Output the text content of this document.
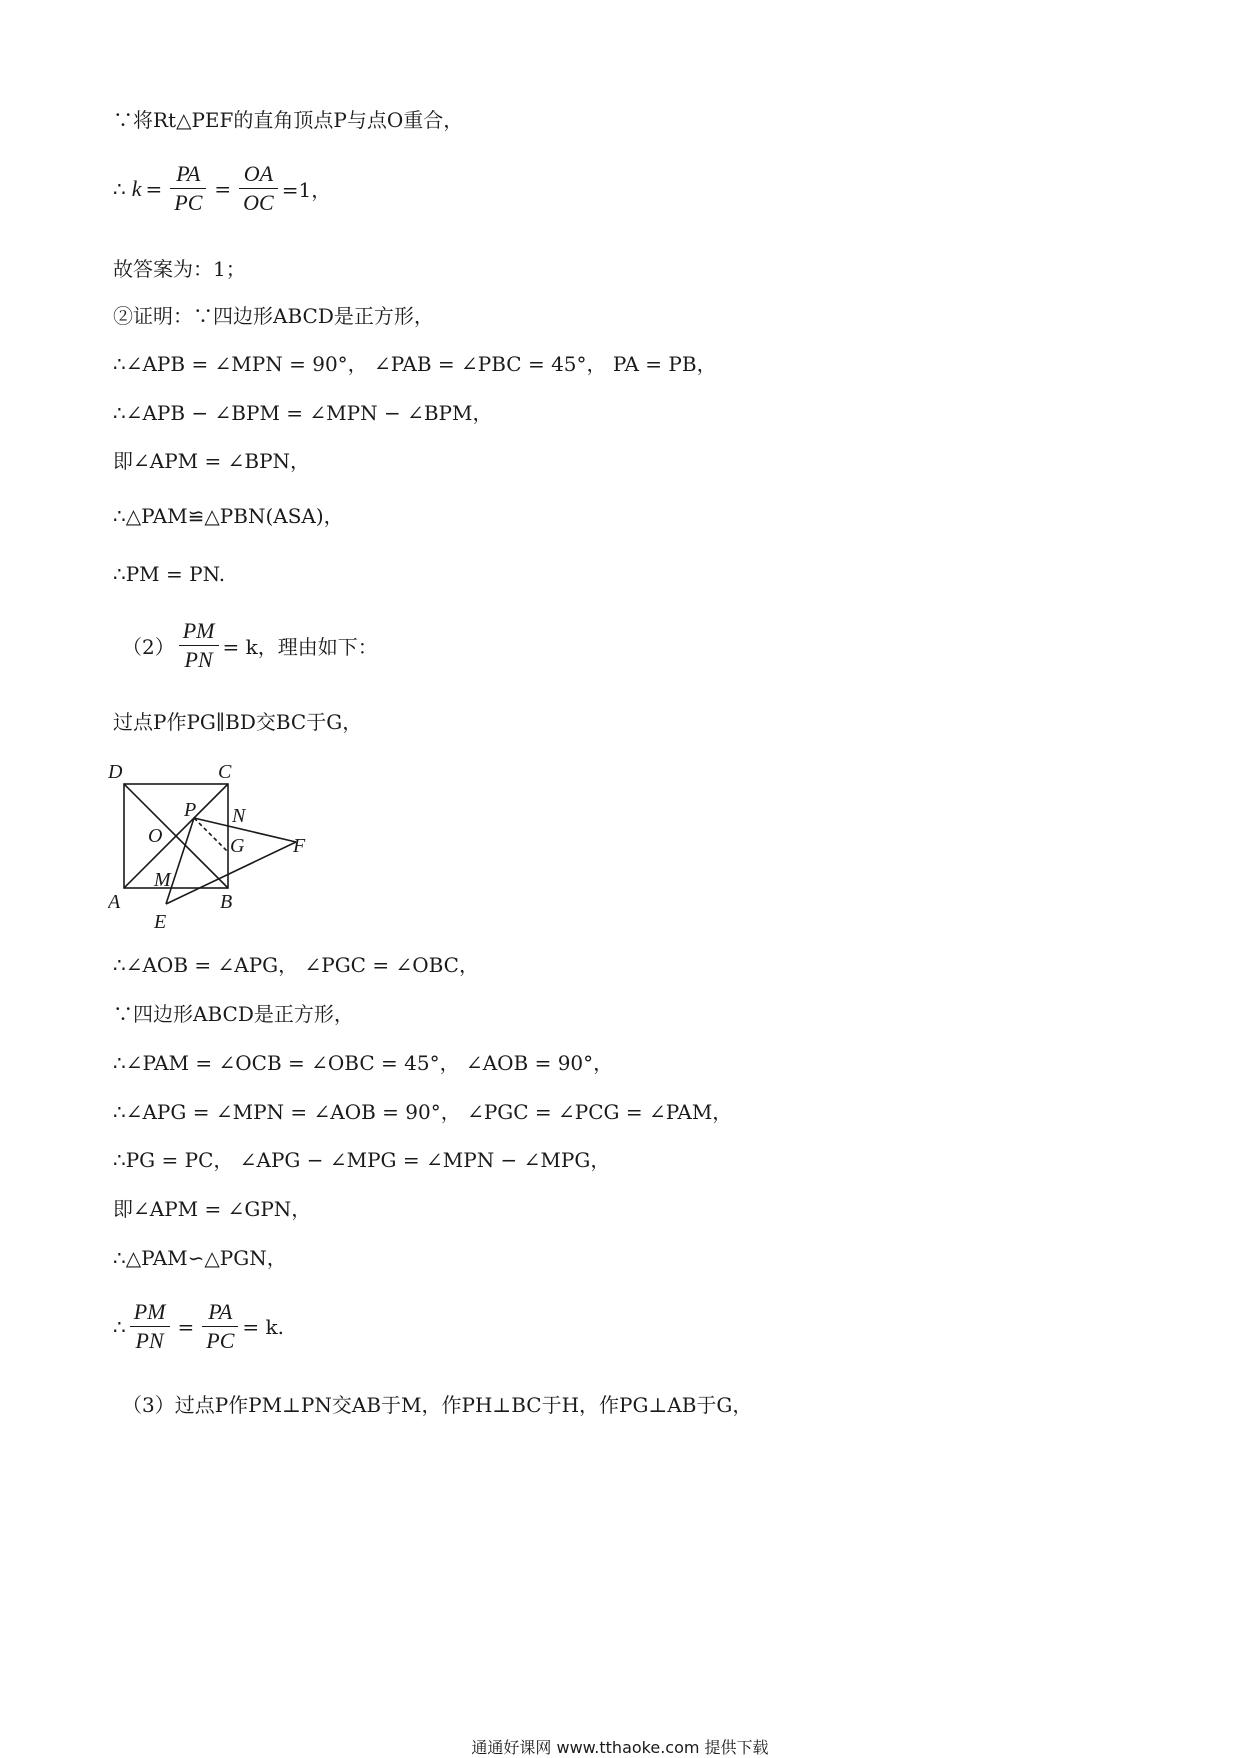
∵将Rt△PEF的直角顶点P与点O重合，
∴ $k = \frac{PA}{PC} = \frac{OA}{OC} =1$，
故答案为：1；
②证明：∵四边形ABCD是正方形，
∴∠APB = ∠MPN = 90°， ∠PAB = ∠PBC = 45°， PA = PB，
∴∠APB − ∠BPM = ∠MPN − ∠BPM，
即∠APM = ∠BPN，
∴△PAM≌△PBN(ASA)，
∴PM = PN.
$(2) \frac{PM}{PN} = k$，理由如下：
过点P作PG∥BD交BC于G，
D	C
P N
O	G F
M
A	B
E
∴∠AOB = ∠APG， ∠PGC = ∠OBC，
∵四边形ABCD是正方形，
∴∠PAM = ∠OCB = ∠OBC = 45°， ∠AOB = 90°，
∴∠APG = ∠MPN = ∠AOB = 90°， ∠PGC = ∠PCG = ∠PAM，
∴PG = PC， ∠APG − ∠MPG = ∠MPN − ∠MPG，
即∠APM = ∠GPN，
∴△PAM∽△PGN，
∴ $\frac{PM}{PN} = \frac{PA}{PC} = k$.
（3）过点P作PM⊥PN交AB于M，作PH⊥BC于H，作PG⊥AB于G，
通通好课网 www.tthaoke.com 提供下载
